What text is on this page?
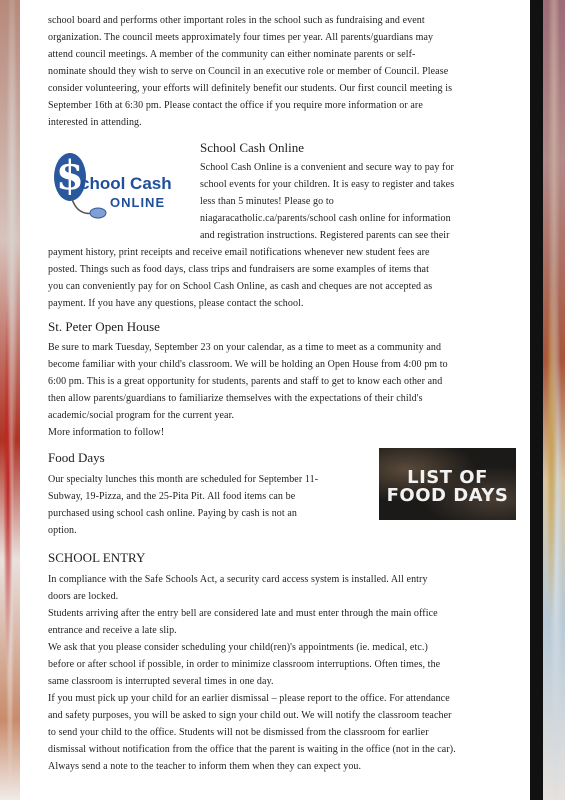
school board and performs other important roles in the school such as fundraising and event

organization. The council meets approximately four times per year. All parents/guardians may

attend council meetings. A member of the community can either nominate parents or self-

nominate should they wish to serve on Council in an executive role or member of Council. Please

consider volunteering, your efforts will definitely benefit our students. Our first council meeting is

September 16th at 6:30 pm. Please contact the office if you require more information or are

interested in attending.

$
chool Cash
ONLINE
School Cash Online

School Cash Online is a convenient and secure way to pay for

school events for your children. It is easy to register and takes

less than 5 minutes! Please go to

niagaracatholic.ca/parents/school cash online for information

and registration instructions. Registered parents can see their

payment history, print receipts and receive email notifications whenever new student fees are

posted. Things such as food days, class trips and fundraisers are some examples of items that

you can conveniently pay for on School Cash Online, as cash and cheques are not accepted as

payment. If you have any questions, please contact the school.

St. Peter Open House

Be sure to mark Tuesday, September 23 on your calendar, as a time to meet as a community and

become familiar with your child's classroom. We will be holding an Open House from 4:00 pm to

6:00 pm. This is a great opportunity for students, parents and staff to get to know each other and

then allow parents/guardians to familiarize themselves with the expectations of their child's

academic/social program for the current year.

More information to follow!

Food Days

Our specialty lunches this month are scheduled for September 11-

Subway, 19-Pizza, and the 25-Pita Pit. All food items can be

purchased using school cash online. Paying by cash is not an

option.

LIST OF
FOOD DAYS
SCHOOL ENTRY

In compliance with the Safe Schools Act, a security card access system is installed. All entry

doors are locked.

Students arriving after the entry bell are considered late and must enter through the main office

entrance and receive a late slip.

We ask that you please consider scheduling your child(ren)'s appointments (ie. medical, etc.)

before or after school if possible, in order to minimize classroom interruptions. Often times, the

same classroom is interrupted several times in one day.

If you must pick up your child for an earlier dismissal – please report to the office. For attendance

and safety purposes, you will be asked to sign your child out. We will notify the classroom teacher

to send your child to the office. Students will not be dismissed from the classroom for earlier

dismissal without notification from the office that the parent is waiting in the office (not in the car).

Always send a note to the teacher to inform them when they can expect you.
